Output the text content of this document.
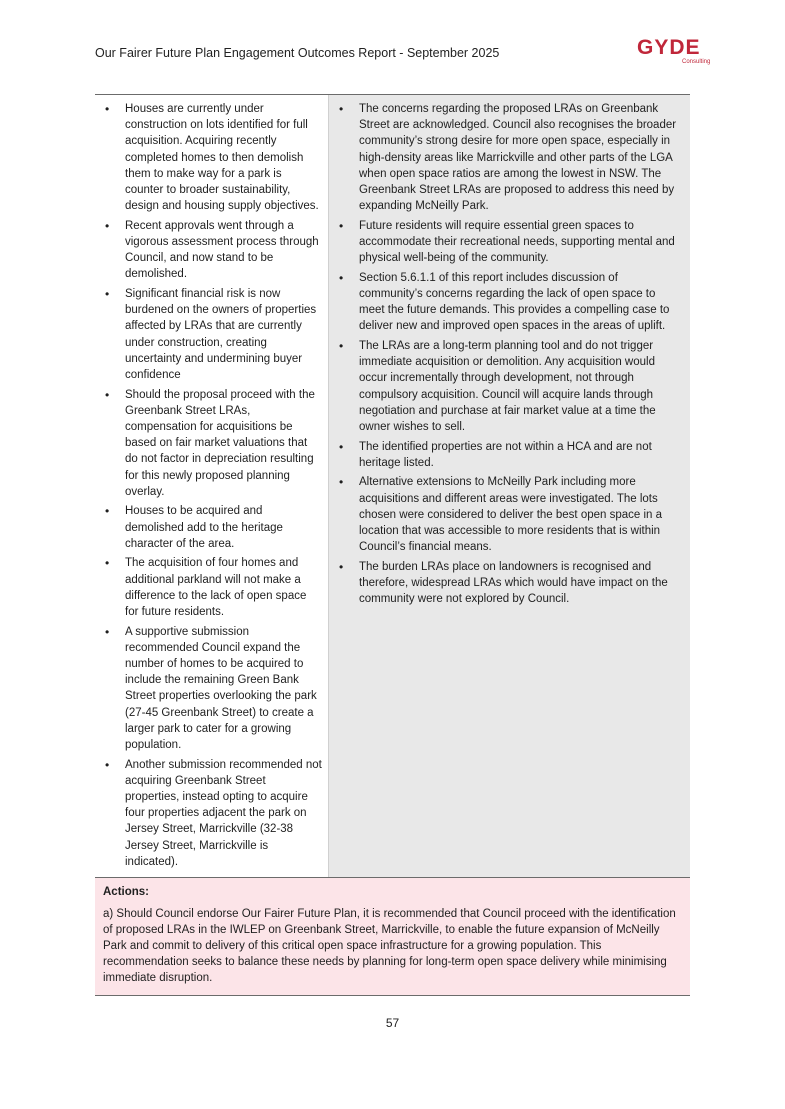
Our Fairer Future Plan Engagement Outcomes Report - September 2025	GYDE
Consulting
• Houses are currently under construction on lots identified for full acquisition. Acquiring recently completed homes to then demolish them to make way for a park is counter to broader sustainability, design and housing supply objectives.
• Recent approvals went through a vigorous assessment process through Council, and now stand to be demolished.
• Significant financial risk is now burdened on the owners of properties affected by LRAs that are currently under construction, creating uncertainty and undermining buyer confidence
• Should the proposal proceed with the Greenbank Street LRAs, compensation for acquisitions be based on fair market valuations that do not factor in depreciation resulting for this newly proposed planning overlay.
• Houses to be acquired and demolished add to the heritage character of the area.
• The acquisition of four homes and additional parkland will not make a difference to the lack of open space for future residents.
• A supportive submission recommended Council expand the number of homes to be acquired to include the remaining Green Bank Street properties overlooking the park (27-45 Greenbank Street) to create a larger park to cater for a growing population.
• Another submission recommended not acquiring Greenbank Street properties, instead opting to acquire four properties adjacent the park on Jersey Street, Marrickville (32-38 Jersey Street, Marrickville is indicated).
• The concerns regarding the proposed LRAs on Greenbank Street are acknowledged. Council also recognises the broader community’s strong desire for more open space, especially in high-density areas like Marrickville and other parts of the LGA when open space ratios are among the lowest in NSW. The Greenbank Street LRAs are proposed to address this need by expanding McNeilly Park.
• Future residents will require essential green spaces to accommodate their recreational needs, supporting mental and physical well-being of the community.
• Section 5.6.1.1 of this report includes discussion of community’s concerns regarding the lack of open space to meet the future demands. This provides a compelling case to deliver new and improved open spaces in the areas of uplift.
• The LRAs are a long-term planning tool and do not trigger immediate acquisition or demolition. Any acquisition would occur incrementally through development, not through compulsory acquisition. Council will acquire lands through negotiation and purchase at fair market value at a time the owner wishes to sell.
• The identified properties are not within a HCA and are not heritage listed.
• Alternative extensions to McNeilly Park including more acquisitions and different areas were investigated. The lots chosen were considered to deliver the best open space in a location that was accessible to more residents that is within Council’s financial means.
• The burden LRAs place on landowners is recognised and therefore, widespread LRAs which would have impact on the community were not explored by Council.
Actions:
a) Should Council endorse Our Fairer Future Plan, it is recommended that Council proceed with the identification of proposed LRAs in the IWLEP on Greenbank Street, Marrickville, to enable the future expansion of McNeilly Park and commit to delivery of this critical open space infrastructure for a growing population. This recommendation seeks to balance these needs by planning for long-term open space delivery while minimising immediate disruption.
57
